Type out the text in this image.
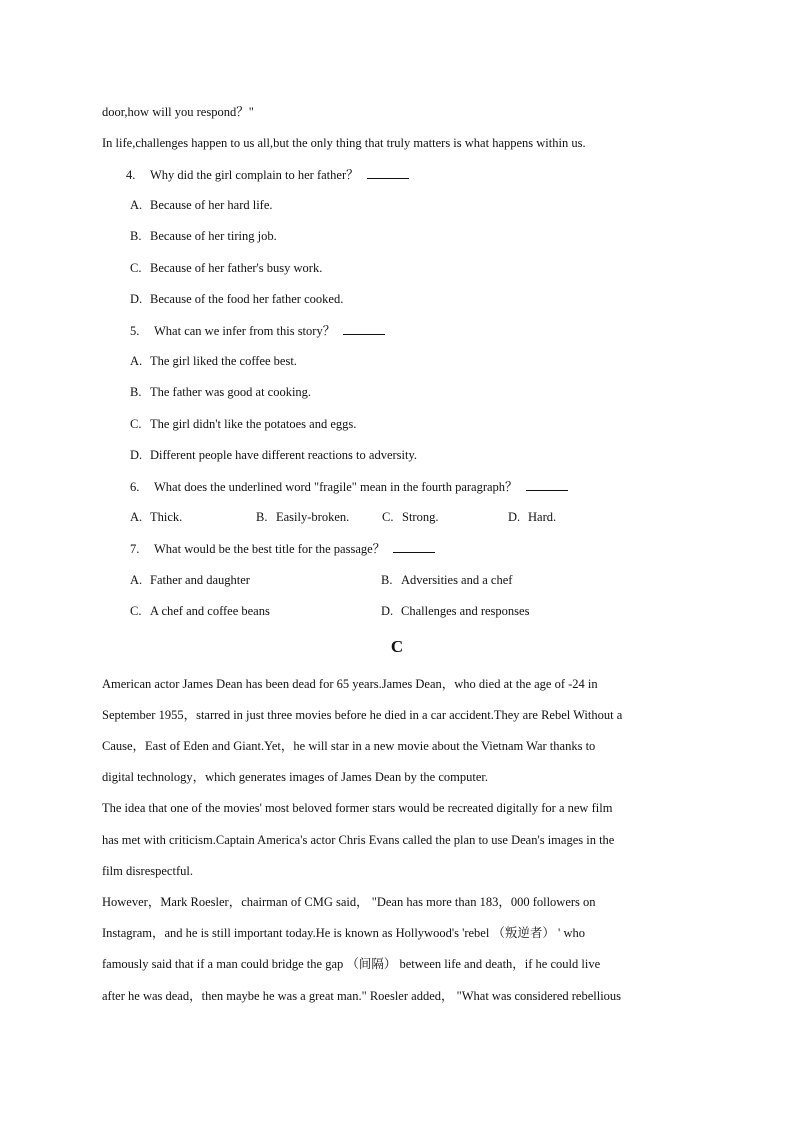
door,how will you respond？"
In life,challenges happen to us all,but the only thing that truly matters is what happens within us.
4. Why did the girl complain to her father？
A. Because of her hard life.
B. Because of her tiring job.
C. Because of her father's busy work.
D. Because of the food her father cooked.
5. What can we infer from this story？
A. The girl liked the coffee best.
B. The father was good at cooking.
C. The girl didn't like the potatoes and eggs.
D. Different people have different reactions to adversity.
6. What does the underlined word "fragile" mean in the fourth paragraph？
A. Thick.	B. Easily-broken.	C. Strong.	D. Hard.
7. What would be the best title for the passage？
A. Father and daughter	B. Adversities and a chef
C. A chef and coffee beans	D. Challenges and responses
C
American actor James Dean has been dead for 65 years.James Dean，who died at the age of -24 in
September 1955，starred in just three movies before he died in a car accident.They are Rebel Without a
Cause，East of Eden and Giant.Yet，he will star in a new movie about the Vietnam War thanks to
digital technology，which generates images of James Dean by the computer.
The idea that one of the movies' most beloved former stars would be recreated digitally for a new film
has met with criticism.Captain America's actor Chris Evans called the plan to use Dean's images in the
film disrespectful.
However，Mark Roesler，chairman of CMG said， "Dean has more than 183，000 followers on
Instagram，and he is still important today.He is known as Hollywood's 'rebel （叛逆者） ' who
famously said that if a man could bridge the gap （间隔） between life and death，if he could live
after he was dead，then maybe he was a great man." Roesler added， "What was considered rebellious
